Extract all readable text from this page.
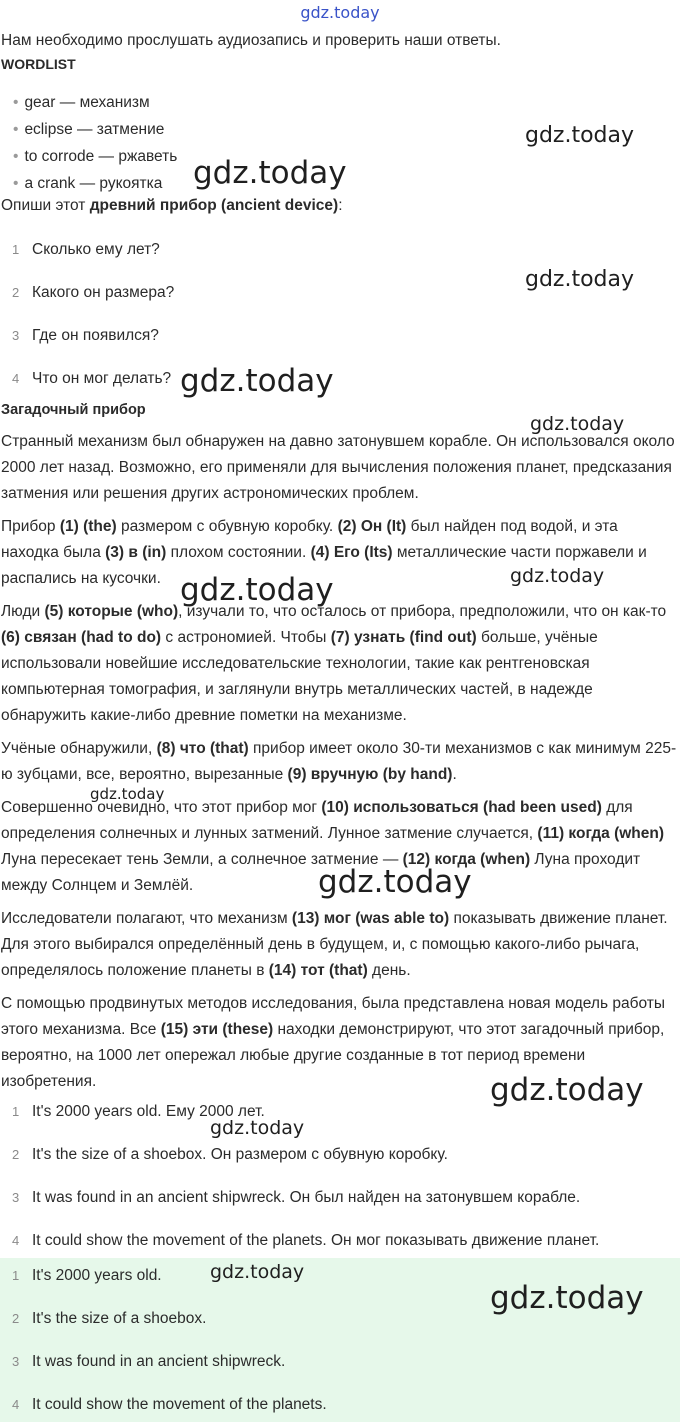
gdz.today

Нам необходимо прослушать аудиозапись и проверить наши ответы.

WORDLIST

• gear — механизм
• eclipse — затмение
• to corrode — ржаветь
• a crank — рукоятка

Опиши этот древний прибор (ancient device):

1 Сколько ему лет?
2 Какого он размера?
3 Где он появился?
4 Что он мог делать?

Загадочный прибор

Странный механизм был обнаружен на давно затонувшем корабле. Он использовался около 2000 лет назад. Возможно, его применяли для вычисления положения планет, предсказания затмения или решения других астрономических проблем.

Прибор (1) (the) размером с обувную коробку. (2) Он (It) был найден под водой, и эта находка была (3) в (in) плохом состоянии. (4) Его (Its) металлические части поржавели и распались на кусочки.

Люди (5) которые (who), изучали то, что осталось от прибора, предположили, что он как-то (6) связан (had to do) с астрономией. Чтобы (7) узнать (find out) больше, учёные использовали новейшие исследовательские технологии, такие как рентгеновская компьютерная томография, и заглянули внутрь металлических частей, в надежде обнаружить какие-либо древние пометки на механизме.

Учёные обнаружили, (8) что (that) прибор имеет около 30-ти механизмов с как минимум 225-ю зубцами, все, вероятно, вырезанные (9) вручную (by hand).

Совершенно очевидно, что этот прибор мог (10) использоваться (had been used) для определения солнечных и лунных затмений. Лунное затмение случается, (11) когда (when) Луна пересекает тень Земли, а солнечное затмение — (12) когда (when) Луна проходит между Солнцем и Землёй.

Исследователи полагают, что механизм (13) мог (was able to) показывать движение планет. Для этого выбирался определённый день в будущем, и, с помощью какого-либо рычага, определялось положение планеты в (14) тот (that) день.

С помощью продвинутых методов исследования, была представлена новая модель работы этого механизма. Все (15) эти (these) находки демонстрируют, что этот загадочный прибор, вероятно, на 1000 лет опережал любые другие созданные в тот период времени изобретения.

1 It's 2000 years old. Ему 2000 лет.
2 It's the size of a shoebox. Он размером с обувную коробку.
3 It was found in an ancient shipwreck. Он был найден на затонувшем корабле.
4 It could show the movement of the planets. Он мог показывать движение планет.
1 It's 2000 years old.
2 It's the size of a shoebox.
3 It was found in an ancient shipwreck.
4 It could show the movement of the planets.
gdz.today
gdz.today
gdz.today
gdz.today
gdz.today
gdz.today	gdz.today
gdz.today
gdz.today
gdz.today
gdz.today
gdz.today
gdz.today
